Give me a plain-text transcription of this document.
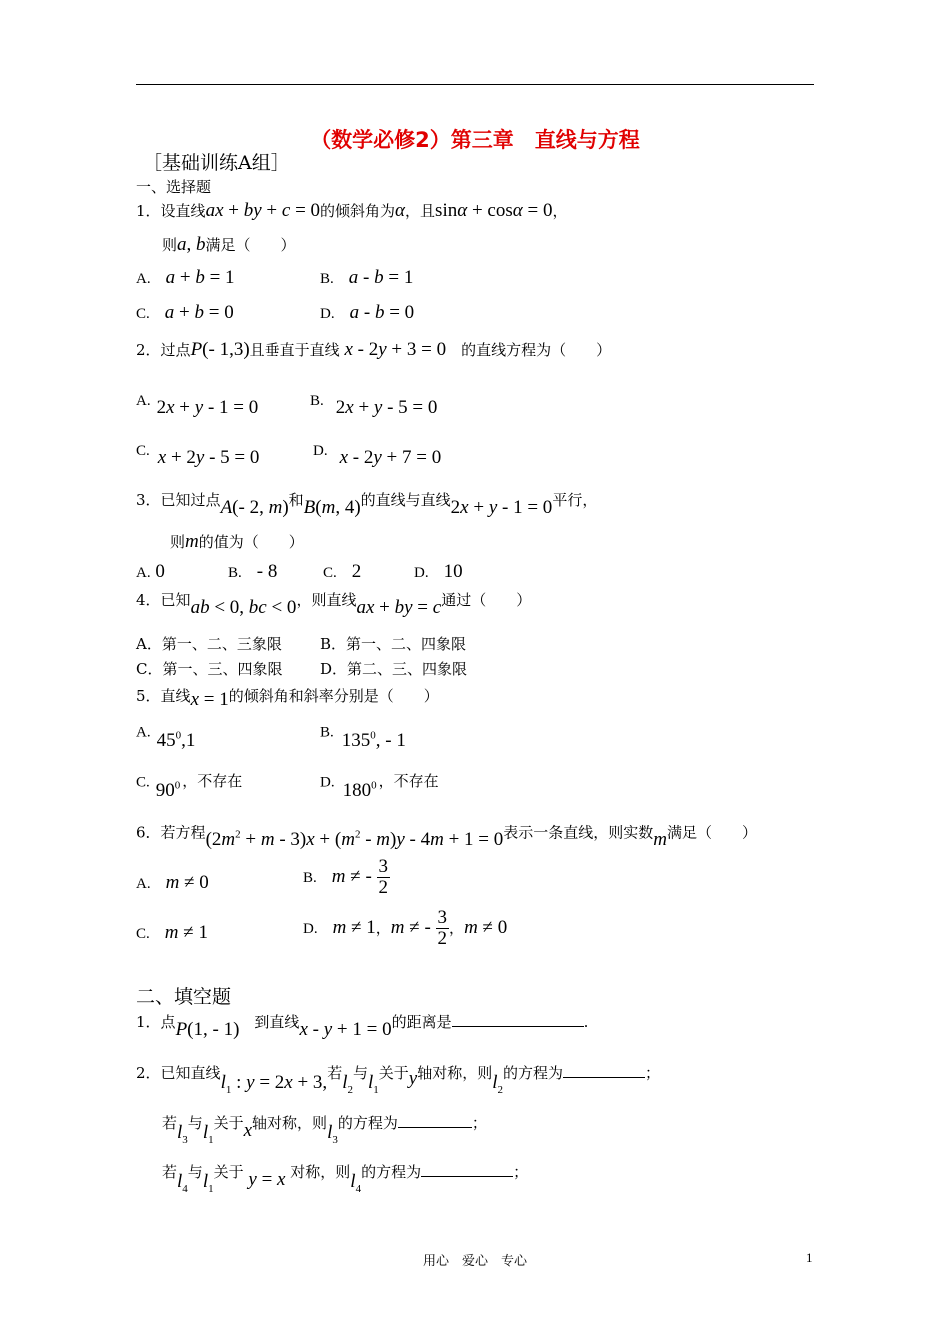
（数学必修2）第三章　直线与方程
［基础训练A组］
一、选择题
1．设直线ax + by + c = 0的倾斜角为α，且sinα + cosα = 0，
则a, b满足（　　）
A.　 a + b = 1	B.　 a - b = 1
C.　 a + b = 0	D.　 a - b = 0
2．过点P(- 1,3)且垂直于直线 x - 2y + 3 = 0　 的直线方程为（　　）
A. 2x + y - 1 = 0	B. 2x + y - 5 = 0
C. x + 2y - 5 = 0	D. x - 2y + 7 = 0
3．已知过点A(- 2, m)和B(m, 4)的直线与直线2x + y - 1 = 0平行，
则m的值为（　　）
A. 0	B.　 - 8	C.　 2	D.　 10
4．已知ab < 0, bc < 0，则直线ax + by = c通过（　　）
A．第一、二、三象限	B．第一、二、四象限
C．第一、三、四象限	D．第二、三、四象限
5．直线x = 1的倾斜角和斜率分别是（　　）
A. $45^0,1$	B. $135^0$, - 1
C. $90^0$ ，不存在	D. $180^0$ ，不存在
6．若方程$(2m^2 + m - 3)x + (m^2 - m)y - 4m + 1 = 0$表示一条直线，则实数m满足（　　）
A.　 m ≠ 0	B.　 m ≠ - $\frac{3}{2}$
C.　 m ≠ 1	D.　 m ≠ 1，m ≠ - $\frac{3}{2}$ ，m ≠ 0
二、填空题
1．点P(1, - 1)　 到直线x - y + 1 = 0的距离是	.
2．已知直线$l_1$ : y = 2x + 3,若$l_2$与$l_1$关于y轴对称，则$l_2$的方程为	；
若$l_3$与$l_1$关于x轴对称，则$l_3$的方程为	；
若$l_4$与$l_1$关于 y = x 对称，则$l_4$的方程为	；
用心　爱心　专心	1
